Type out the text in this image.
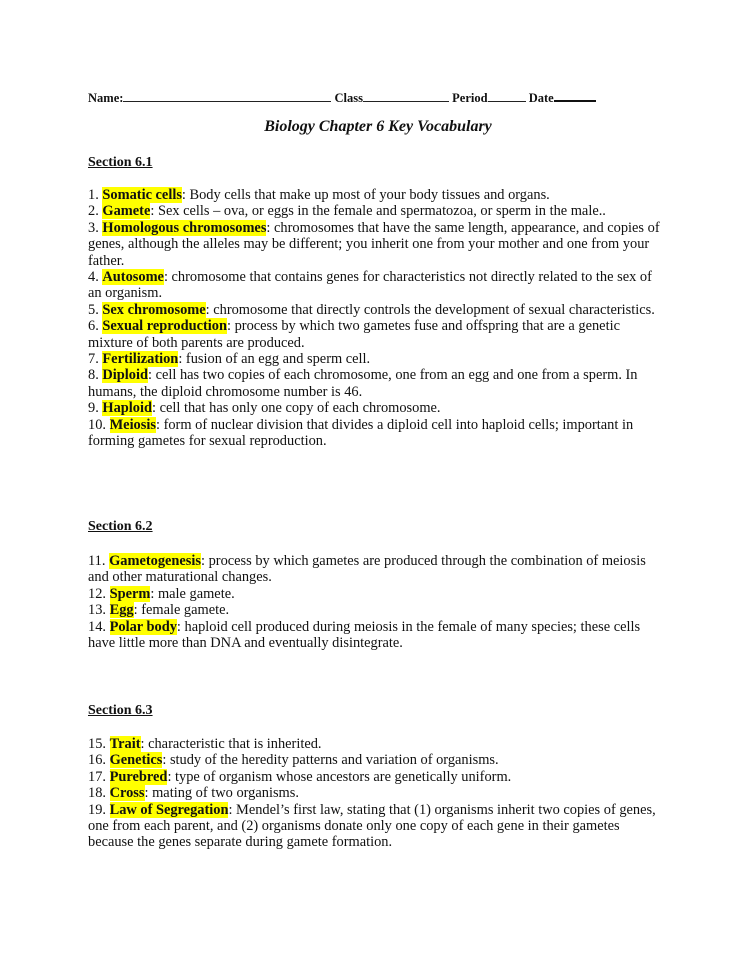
Name:	Class	Period	Date
Biology Chapter 6 Key Vocabulary
Section 6.1

1. Somatic cells: Body cells that make up most of your body tissues and organs.

2. Gamete: Sex cells – ova, or eggs in the female and spermatozoa, or sperm in the male..

3. Homologous chromosomes: chromosomes that have the same length, appearance, and copies of genes, although the alleles may be different; you inherit one from your mother and one from your father.

4. Autosome: chromosome that contains genes for characteristics not directly related to the sex of an organism.

5. Sex chromosome: chromosome that directly controls the development of sexual characteristics.

6. Sexual reproduction: process by which two gametes fuse and offspring that are a genetic mixture of both parents are produced.

7. Fertilization: fusion of an egg and sperm cell.

8. Diploid: cell has two copies of each chromosome, one from an egg and one from a sperm. In humans, the diploid chromosome number is 46.

9. Haploid: cell that has only one copy of each chromosome.

10. Meiosis: form of nuclear division that divides a diploid cell into haploid cells; important in forming gametes for sexual reproduction.

Section 6.2

11. Gametogenesis: process by which gametes are produced through the combination of meiosis and other maturational changes.

12. Sperm: male gamete.

13. Egg: female gamete.

14. Polar body: haploid cell produced during meiosis in the female of many species; these cells have little more than DNA and eventually disintegrate.

Section 6.3

15. Trait: characteristic that is inherited.

16. Genetics: study of the heredity patterns and variation of organisms.

17. Purebred: type of organism whose ancestors are genetically uniform.

18. Cross: mating of two organisms.

19. Law of Segregation: Mendel’s first law, stating that (1) organisms inherit two copies of genes, one from each parent, and (2) organisms donate only one copy of each gene in their gametes because the genes separate during gamete formation.
